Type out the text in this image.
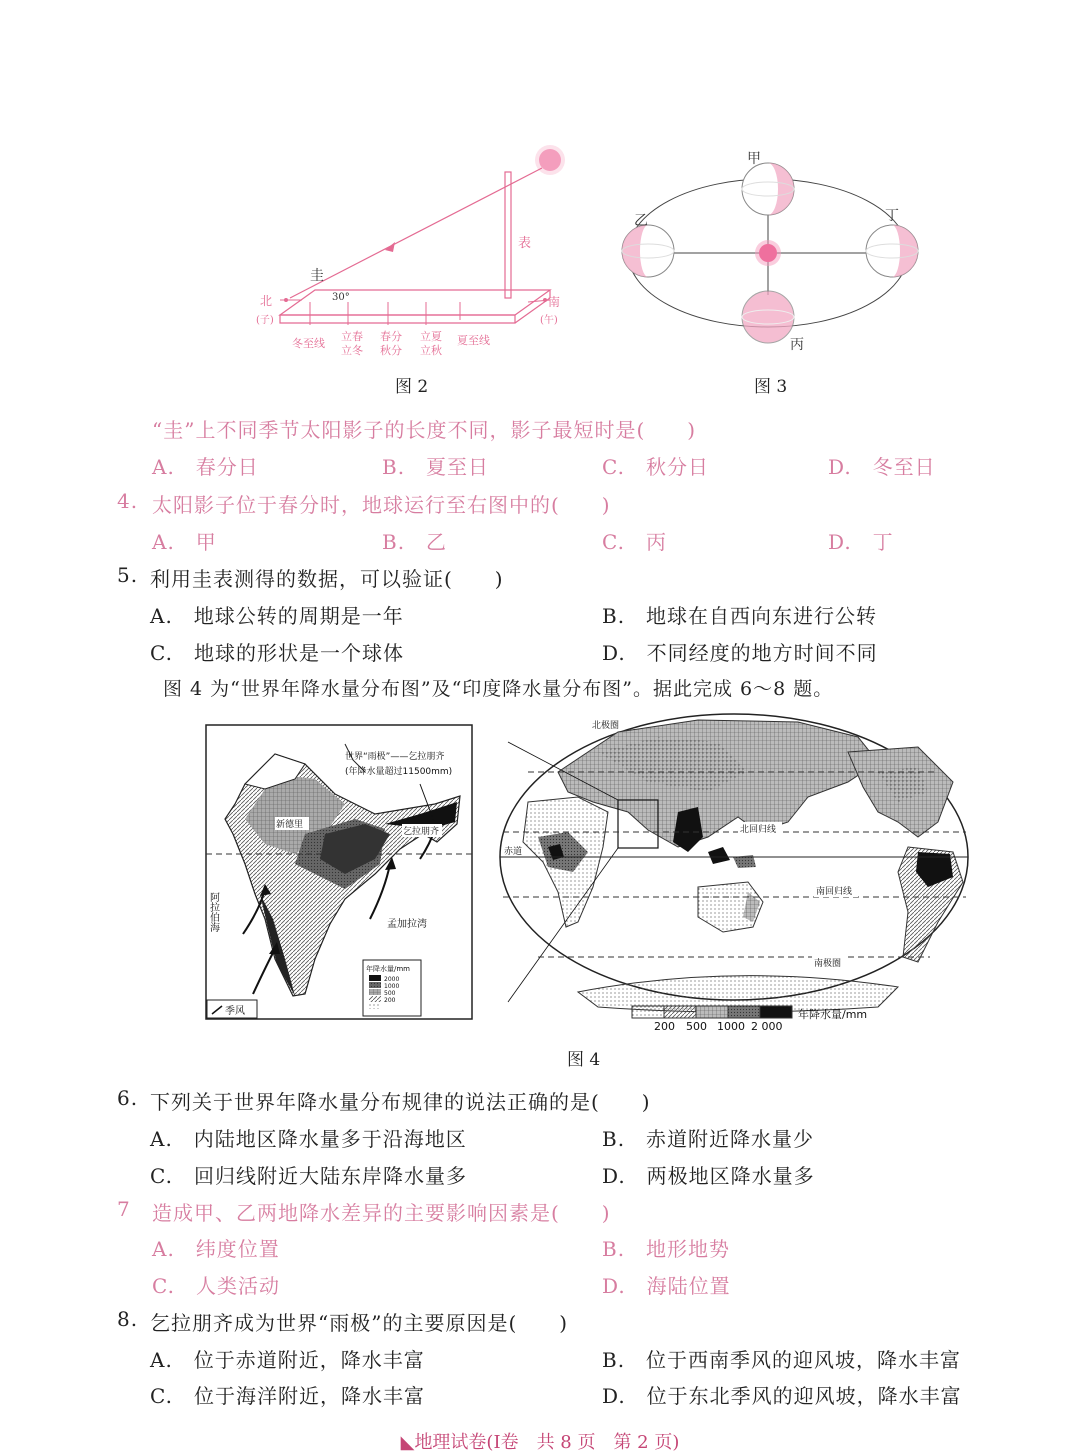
北
(子)
南
(午)
圭
表
30°
冬至线
立春
立冬
春分
秋分
立夏
立秋
夏至线
图 2
甲
乙	丁
丙
图 3
“圭”上不同季节太阳影子的长度不同，影子最短时是(　　)
A.　春分日	B.　夏至日	C.　秋分日	D.　冬至日
4. 太阳影子位于春分时，地球运行至右图中的(　　)
A.　甲	B.　乙	C.　丙	D.　丁
5. 利用圭表测得的数据，可以验证(　　)
A.　地球公转的周期是一年	B.　地球在自西向东进行公转
C.　地球的形状是一个球体	D.　不同经度的地方时间不同
图 4 为“世界年降水量分布图”及“印度降水量分布图”。据此完成 6～8 题。
年降水量/mm
2000
1000
500
200
季风
世界“雨极”——乞拉朋齐
(年降水量超过11500mm)
新德里
乞拉朋齐
孟加拉湾
阿拉伯海
北极圈
北回归线
赤道
南回归线
南极圈
200 500 1000 2 000
年降水量/mm
图 4
6. 下列关于世界年降水量分布规律的说法正确的是(　　)
A.　内陆地区降水量多于沿海地区	B.　赤道附近降水量少
C.　回归线附近大陆东岸降水量多	D.　两极地区降水量多
7 造成甲、乙两地降水差异的主要影响因素是(　　)
A.　纬度位置	B.　地形地势
C.　人类活动	D.　海陆位置
8. 乞拉朋齐成为世界“雨极”的主要原因是(　　)
A.　位于赤道附近，降水丰富	B.　位于西南季风的迎风坡，降水丰富
C.　位于海洋附近，降水丰富	D.　位于东北季风的迎风坡，降水丰富
◣地理试卷(Ⅰ卷　共 8 页　第 2 页)
